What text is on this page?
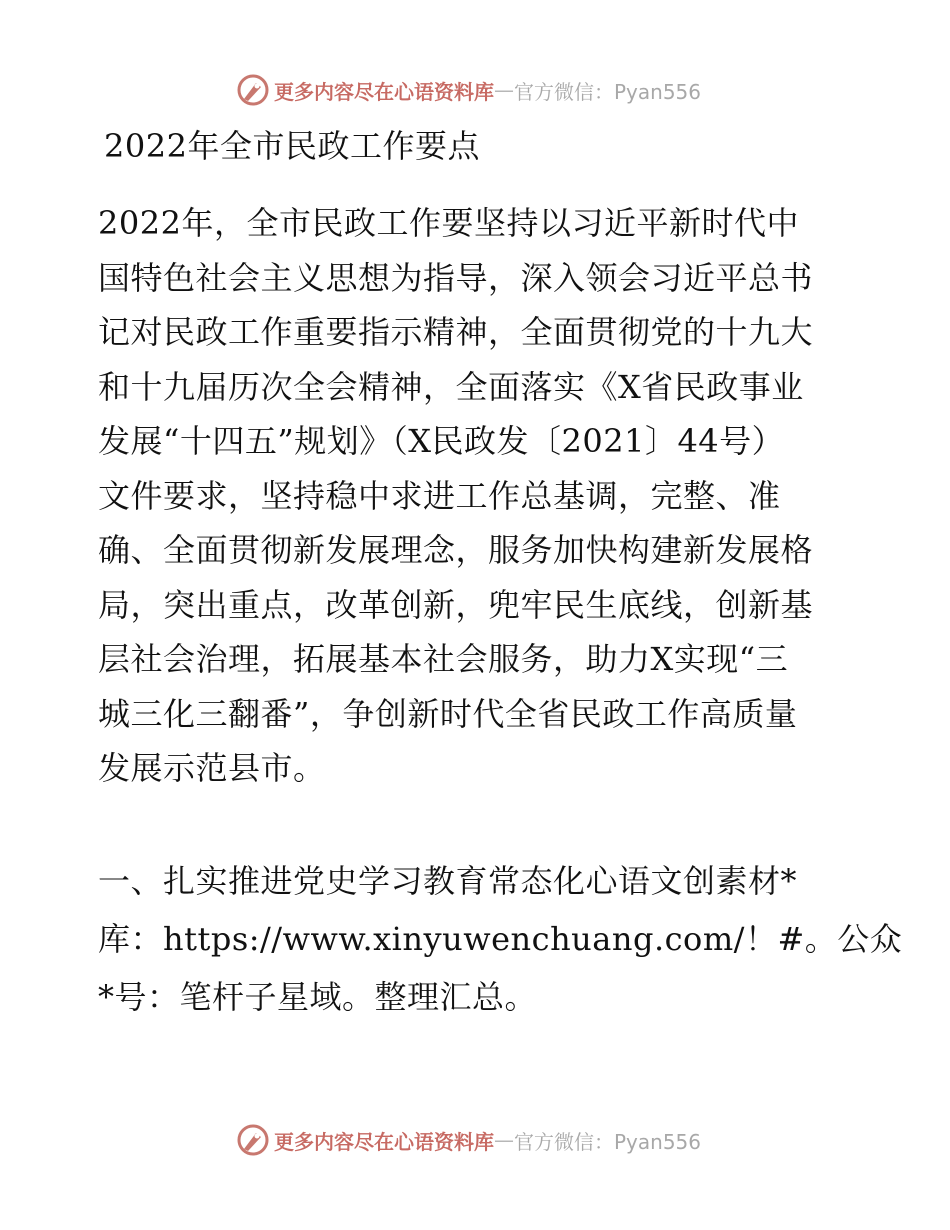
更多内容尽在心语资料库 — 官方微信：Pyan556
2022年全市民政工作要点
2022年，全市民政工作要坚持以习近平新时代中
国特色社会主义思想为指导，深入领会习近平总书
记对民政工作重要指示精神，全面贯彻党的十九大
和十九届历次全会精神，全面落实《X省民政事业
发展“十四五”规划》（X民政发〔2021〕44号）
文件要求，坚持稳中求进工作总基调，完整、准
确、全面贯彻新发展理念，服务加快构建新发展格
局，突出重点，改革创新，兜牢民生底线，创新基
层社会治理，拓展基本社会服务，助力X实现“三
城三化三翻番”，争创新时代全省民政工作高质量
发展示范县市。
一、扎实推进党史学习教育常态化心语文创素材*
库：https://www.xinyuwenchuang.com/！#。公众
*号：笔杆子星域。整理汇总。
更多内容尽在心语资料库 — 官方微信：Pyan556
